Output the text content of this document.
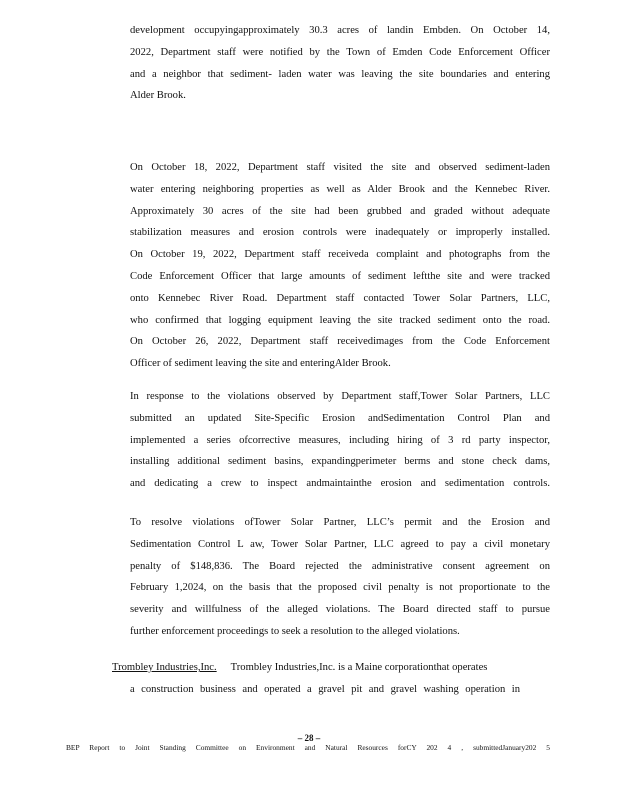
development occupyingapproximately 30.3 acres of landin Embden. On October 14,
2022, Department staff were notified by the Town of Emden Code Enforcement Officer
and a neighbor that sediment- laden water was leaving the site boundaries and entering
Alder Brook.
On October 18, 2022, Department staff visited the site and observed sediment-laden
water entering neighboring properties as well as Alder Brook and the Kennebec River.
Approximately 30 acres of the site had been grubbed and graded without adequate
stabilization measures and erosion controls were inadequately or improperly installed.
On October 19, 2022, Department staff receiveda complaint and photographs from the
Code Enforcement Officer that large amounts of sediment leftthe site and were tracked
onto Kennebec River Road. Department staff contacted Tower Solar Partners, LLC,
who confirmed that logging equipment leaving the site tracked sediment onto the road.
On October 26, 2022, Department staff receivedimages from the Code Enforcement
Officer of sediment leaving the site and enteringAlder Brook.
In response to the violations observed by Department staff,Tower Solar Partners, LLC
submitted an updated Site-Specific Erosion andSedimentation Control Plan and
implemented a series ofcorrective measures, including hiring of 3 rd party inspector,
installing additional sediment basins, expandingperimeter berms and stone check dams,
and dedicating a crew to inspect andmaintainthe erosion and sedimentation controls.
To resolve violations ofTower Solar Partner, LLC’s permit and the Erosion and
Sedimentation Control L aw, Tower Solar Partner, LLC agreed to pay a civil monetary
penalty of $148,836. The Board rejected the administrative consent agreement on
February 1,2024, on the basis that the proposed civil penalty is not proportionate to the
severity and willfulness of the alleged violations. The Board directed staff to pursue
further enforcement proceedings to seek a resolution to the alleged violations.
Trombley Industries,Inc. Trombley Industries,Inc. is a Maine corporationthat operates
a construction business and operated a gravel pit and gravel washing operation in
– 28 –
BEP Report to Joint Standing Committee on Environment and Natural Resources forCY 202 4 , submittedJanuary202 5
